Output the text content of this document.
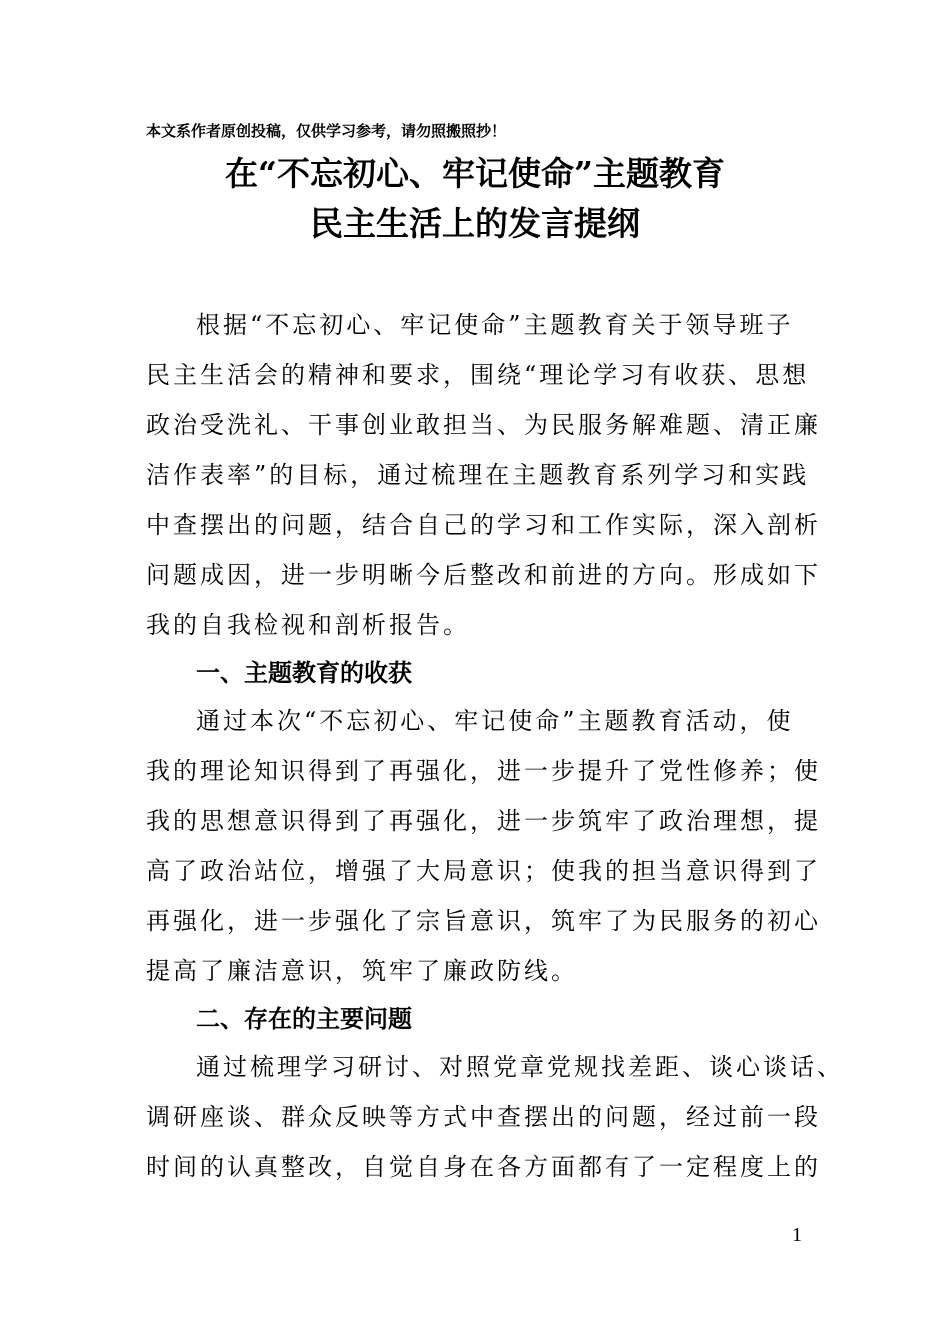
本文系作者原创投稿，仅供学习参考，请勿照搬照抄！
在“不忘初心、牢记使命”主题教育
民主生活上的发言提纲
根据“不忘初心、牢记使命”主题教育关于领导班子
民主生活会的精神和要求，围绕“理论学习有收获、思想
政治受洗礼、干事创业敢担当、为民服务解难题、清正廉
洁作表率”的目标，通过梳理在主题教育系列学习和实践
中查摆出的问题，结合自己的学习和工作实际，深入剖析
问题成因，进一步明晰今后整改和前进的方向。形成如下
我的自我检视和剖析报告。
一、主题教育的收获
通过本次“不忘初心、牢记使命”主题教育活动，使
我的理论知识得到了再强化，进一步提升了党性修养；使
我的思想意识得到了再强化，进一步筑牢了政治理想，提
高了政治站位，增强了大局意识；使我的担当意识得到了
再强化，进一步强化了宗旨意识，筑牢了为民服务的初心
提高了廉洁意识，筑牢了廉政防线。
二、存在的主要问题
通过梳理学习研讨、对照党章党规找差距、谈心谈话、
调研座谈、群众反映等方式中查摆出的问题，经过前一段
时间的认真整改，自觉自身在各方面都有了一定程度上的
1
